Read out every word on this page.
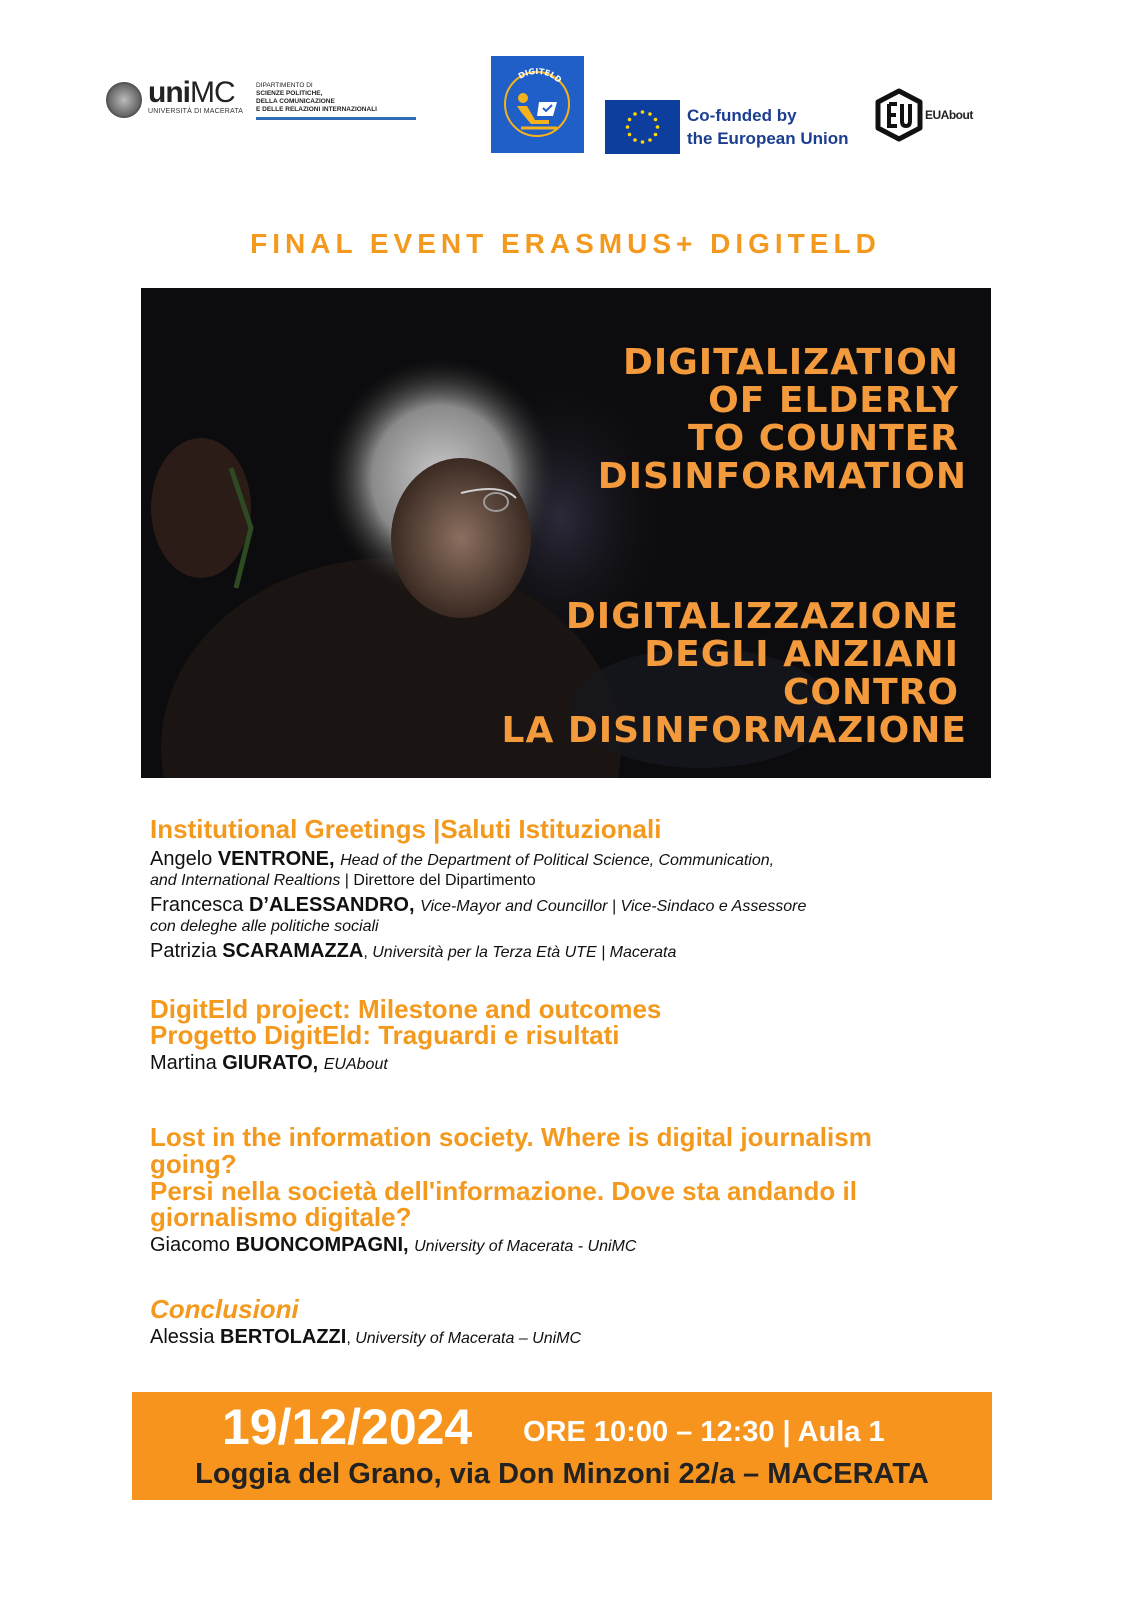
uniMC
UNIVERSITÀ DI MACERATA
DIPARTIMENTO DI
SCIENZE POLITICHE,
DELLA COMUNICAZIONE
E DELLE RELAZIONI INTERNAZIONALI
DIGITELD
Co-funded by
the European Union
EUAbout
FINAL EVENT ERASMUS+ DIGITELD
DIGITALIZATION
OF ELDERLY
TO COUNTER
DISINFORMATION
DIGITALIZZAZIONE
DEGLI ANZIANI
CONTRO
LA DISINFORMAZIONE
Institutional Greetings |Saluti Istituzionali
Angelo VENTRONE, Head of the Department of Political Science, Communication,
and International Realtions | Direttore del Dipartimento
Francesca D’ALESSANDRO, Vice-Mayor and Councillor | Vice-Sindaco e Assessore
con deleghe alle politiche sociali
Patrizia SCARAMAZZA, Università per la Terza Età UTE | Macerata
DigitEld project: Milestone and outcomes
Progetto DigitEld: Traguardi e risultati
Martina GIURATO, EUAbout
Lost in the information society. Where is digital journalism
going?
Persi nella società dell'informazione. Dove sta andando il
giornalismo digitale?
Giacomo BUONCOMPAGNI, University of Macerata - UniMC
Conclusioni
Alessia BERTOLAZZI, University of Macerata – UniMC
19/12/2024 ORE 10:00 – 12:30 | Aula 1
Loggia del Grano, via Don Minzoni 22/a – MACERATA
